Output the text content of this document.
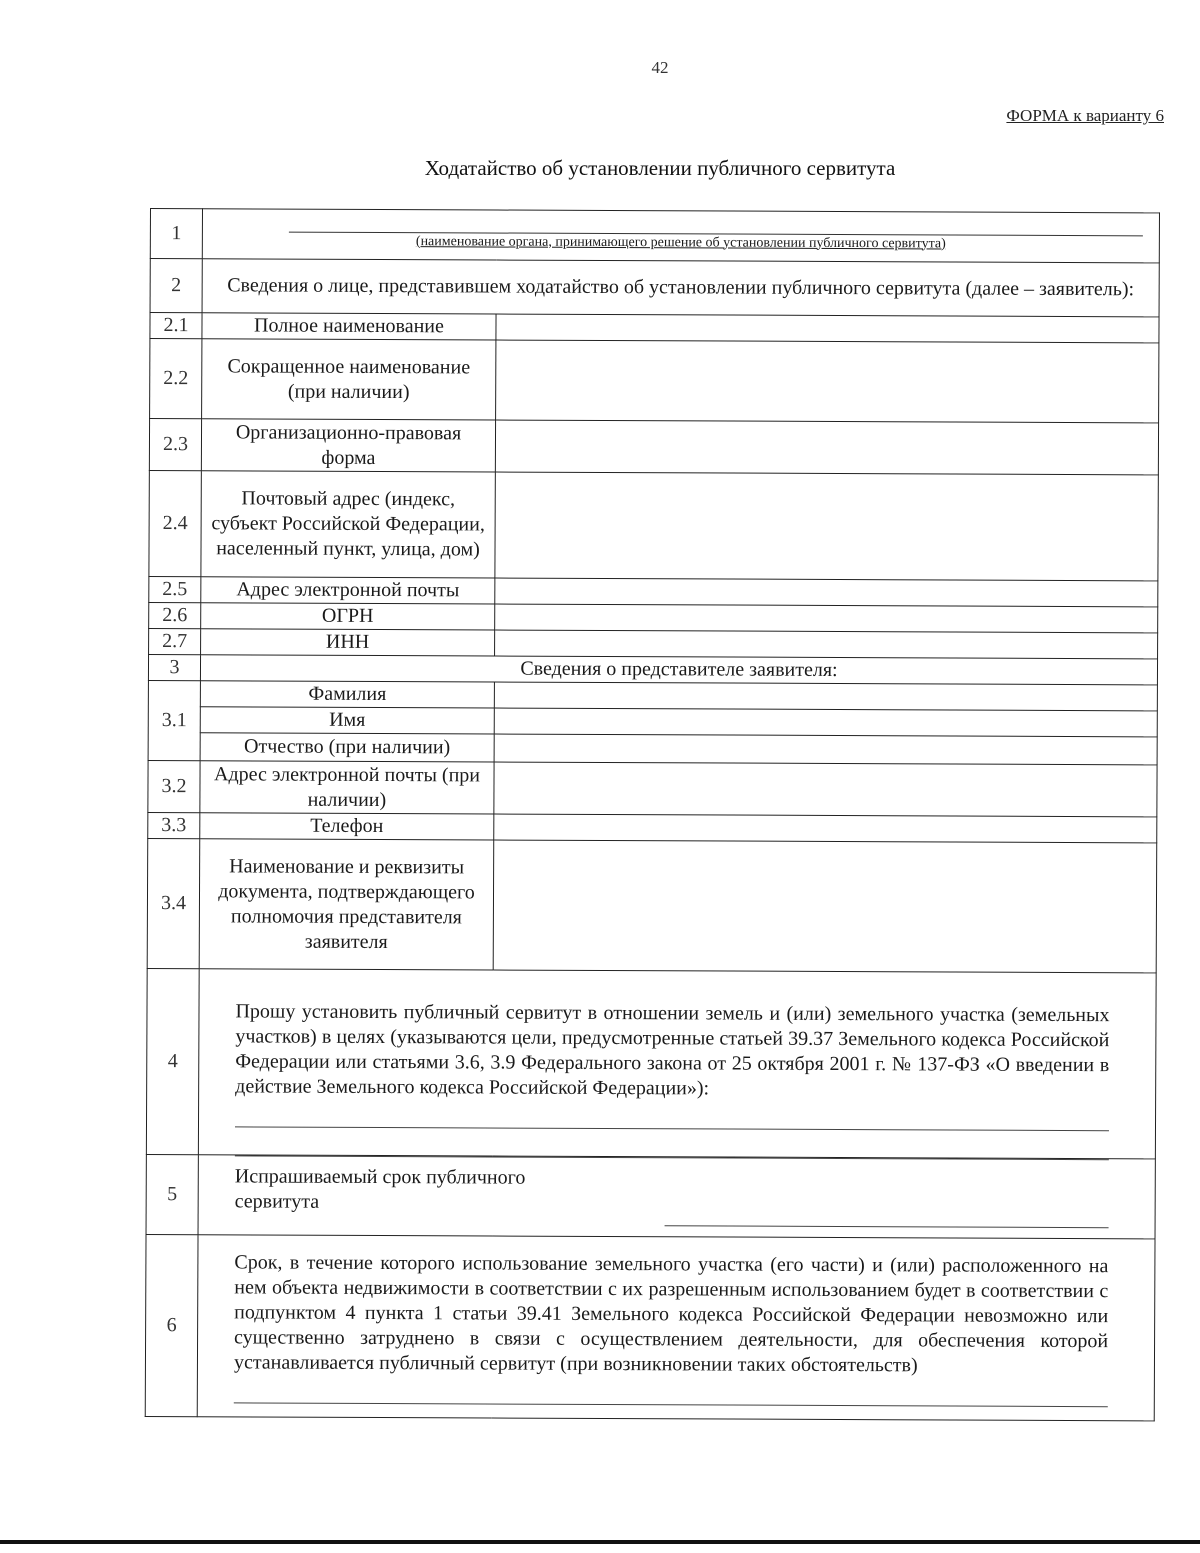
42
ФОРМА к варианту 6
Ходатайство об установлении публичного сервитута
1	(наименование органа, принимающего решение об установлении публичного сервитута)	

2	Сведения о лице, представившем ходатайство об установлении публичного сервитута (далее – заявитель):	
2.1	Полное наименование	
2.2	Сокращенное наименование (при наличии)	
2.3	Организационно-правовая форма	
2.4	Почтовый адрес (индекс, субъект Российской Федерации, населенный пункт, улица, дом)	
2.5	Адрес электронной почты	
2.6	ОГРН	
2.7	ИНН	
3	Сведения о представителе заявителя:	
3.1	Фамилия	
	Имя	
	Отчество (при наличии)	
3.2	Адрес электронной почты (при наличии)	
3.3	Телефон	
3.4	Наименование и реквизиты документа, подтверждающего полномочия представителя заявителя	
4	Прошу установить публичный сервитут в отношении земель и (или) земельного участка (земельных участков) в целях (указываются цели, предусмотренные статьей 39.37 Земельного кодекса Российской Федерации или статьями 3.6, 3.9 Федерального закона от 25 октября 2001 г. № 137-ФЗ «О введении в действие Земельного кодекса Российской Федерации»):	

5	Испрашиваемый срок публичного сервитута	

6	Срок, в течение которого использование земельного участка (его части) и (или) расположенного на нем объекта недвижимости в соответствии с их разрешенным использованием будет в соответствии с подпунктом 4 пункта 1 статьи 39.41 Земельного кодекса Российской Федерации невозможно или существенно затруднено в связи с осуществлением деятельности, для обеспечения которой устанавливается публичный сервитут (при возникновении таких обстоятельств)	
